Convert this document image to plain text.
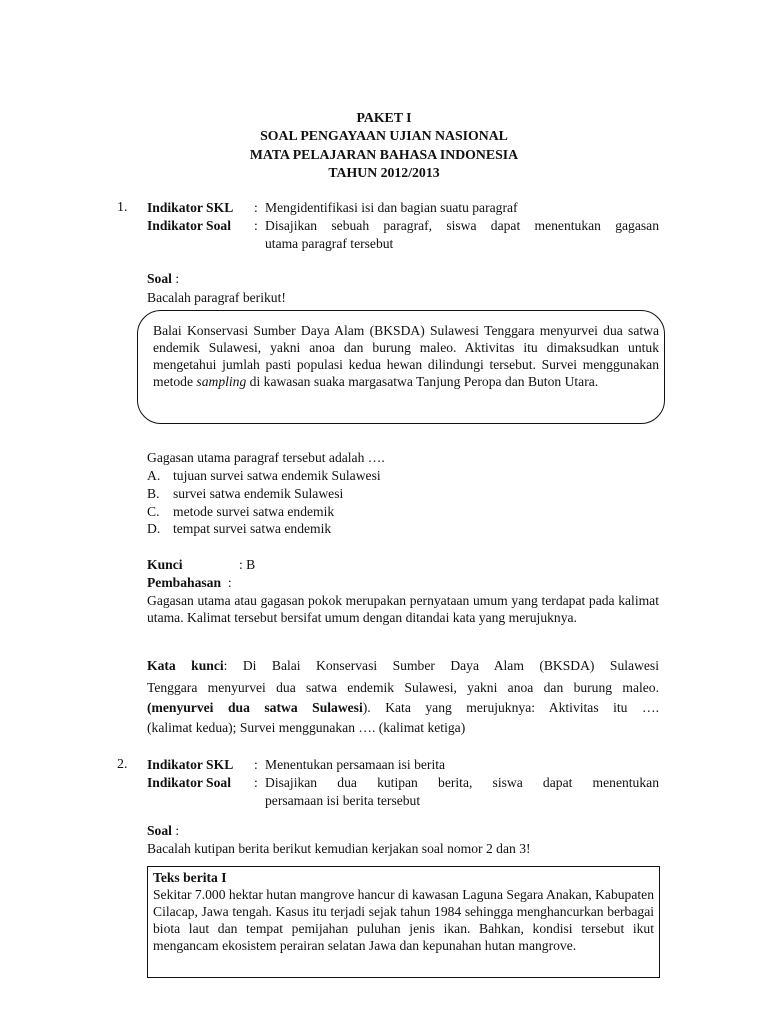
PAKET I
SOAL PENGAYAAN UJIAN NASIONAL
MATA PELAJARAN BAHASA INDONESIA
TAHUN 2012/2013
1. Indikator SKL : Mengidentifikasi isi dan bagian suatu paragraf
Indikator Soal : Disajikan sebuah paragraf, siswa dapat menentukan gagasan
utama paragraf tersebut
Soal :
Bacalah paragraf berikut!
Balai Konservasi Sumber Daya Alam (BKSDA) Sulawesi Tenggara menyurvei dua satwa endemik Sulawesi, yakni anoa dan burung maleo. Aktivitas itu dimaksudkan untuk mengetahui jumlah pasti populasi kedua hewan dilindungi tersebut. Survei menggunakan metode sampling di kawasan suaka margasatwa Tanjung Peropa dan Buton Utara.
Gagasan utama paragraf tersebut adalah ….
A. tujuan survei satwa endemik Sulawesi
B. survei satwa endemik Sulawesi
C. metode survei satwa endemik
D. tempat survei satwa endemik
Kunci	: B
Pembahasan  :
Gagasan utama atau gagasan pokok merupakan pernyataan umum yang terdapat pada kalimat utama. Kalimat tersebut bersifat umum dengan ditandai kata yang merujuknya.
Kata kunci: Di Balai Konservasi Sumber Daya Alam (BKSDA) Sulawesi
Tenggara menyurvei dua satwa endemik Sulawesi, yakni anoa dan burung maleo.
(menyurvei dua satwa Sulawesi). Kata yang merujuknya: Aktivitas itu ….
(kalimat kedua); Survei menggunakan …. (kalimat ketiga)
2. Indikator SKL : Menentukan persamaan isi berita
Indikator Soal : Disajikan dua kutipan berita, siswa dapat menentukan
persamaan isi berita tersebut
Soal :
Bacalah kutipan berita berikut kemudian kerjakan soal nomor 2 dan 3!
Teks berita I
Sekitar 7.000 hektar hutan mangrove hancur di kawasan Laguna Segara Anakan, Kabupaten Cilacap, Jawa tengah. Kasus itu terjadi sejak tahun 1984 sehingga menghancurkan berbagai biota laut dan tempat pemijahan puluhan jenis ikan. Bahkan, kondisi tersebut ikut mengancam ekosistem perairan selatan Jawa dan kepunahan hutan mangrove.
